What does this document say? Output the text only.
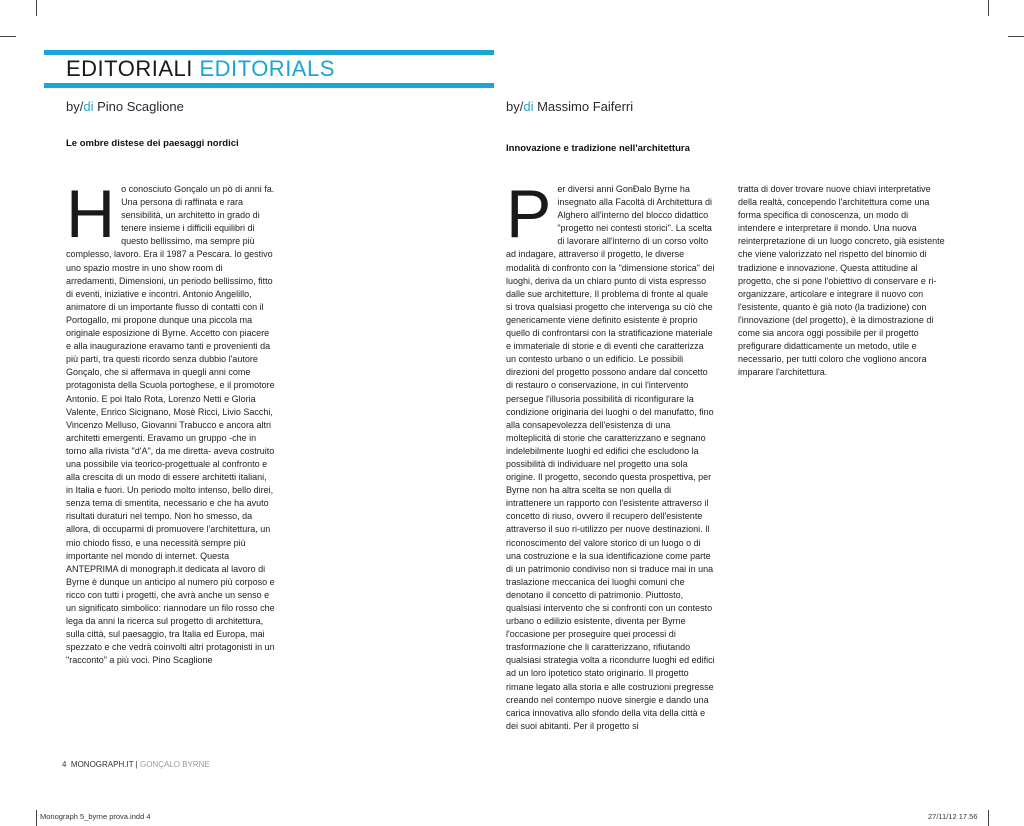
EDITORIALI EDITORIALS
by/di Pino Scaglione
Le ombre distese dei paesaggi nordici
H o conosciuto Gonçalo un pò di anni fa. Una persona di raffinata e rara sensibilità, un architetto in grado di tenere insieme i difficili equilibri di questo bellissimo, ma sempre più complesso, lavoro. Era il 1987 a Pescara. lo gestivo uno spazio mostre in uno show room di arredamenti, Dimensioni, un periodo bellissimo, fitto di eventi, iniziative e incontri. Antonio Angelillo, animatore di un importante flusso di contatti con il Portogallo, mi propone dunque una piccola ma originale esposizione di Byrne. Accetto con piacere e alla inaugurazione eravamo tanti e provenienti da più parti, tra questi ricordo senza dubbio l'autore Gonçalo, che si affermava in quegli anni come protagonista della Scuola portoghese, e il promotore Antonio. E poi Italo Rota, Lorenzo Netti e Gloria Valente, Enrico Sicignano, Mosè Ricci, Livio Sacchi, Vincenzo Melluso, Giovanni Trabucco e ancora altri architetti emergenti. Eravamo un gruppo -che in torno alla rivista "d'A", da me diretta- aveva costruito una possibile via teorico-progettuale al confronto e alla crescita di un modo di essere architetti italiani, in Italia e fuori. Un periodo molto intenso, bello direi, senza tema di smentita, necessario e che ha avuto risultati duraturi nel tempo. Non ho smesso, da allora, di occuparmi di promuovere l'architettura, un mio chiodo fisso, e una necessità sempre più importante nel mondo di internet. Questa ANTEPRIMA di monograph.it dedicata al lavoro di Byrne è dunque un anticipo al numero più corposo e ricco con tutti i progetti, che avrà anche un senso e un significato simbolico: riannodare un filo rosso che lega da anni la ricerca sul progetto di architettura, sulla città, sul paesaggio, tra Italia ed Europa, mai spezzato e che vedrà coinvolti altri protagonisti in un "racconto" a più voci. Pino Scaglione

by/di Massimo Faiferri
Innovazione e tradizione nell'architettura
P er diversi anni GonĐalo Byrne ha insegnato alla Facoltà di Architettura di Alghero all'interno del blocco didattico "progetto nei contesti storici". La scelta di lavorare all'interno di un corso volto ad indagare, attraverso il progetto, le diverse modalità di confronto con la "dimensione storica" dei luoghi, deriva da un chiaro punto di vista espresso dalle sue architetture. Il problema di fronte al quale si trova qualsiasi progetto che intervenga su ciò che genericamente viene definito esistente è proprio quello di confrontarsi con la stratificazione materiale e immateriale di storie e di eventi che caratterizza un contesto urbano o un edificio. Le possibili direzioni del progetto possono andare dal concetto di restauro o conservazione, in cui l'intervento persegue l'illusoria possibilità di riconfigurare la condizione originaria dei luoghi o del manufatto, fino alla consapevolezza dell'esistenza di una molteplicità di storie che caratterizzano e segnano indelebilmente luoghi ed edifici che escludono la possibilità di individuare nel progetto una sola origine. Il progetto, secondo questa prospettiva, per Byrne non ha altra scelta se non quella di intrattenere un rapporto con l'esistente attraverso il concetto di riuso, ovvero il recupero dell'esistente attraverso il suo ri-utilizzo per nuove destinazioni. Il riconoscimento del valore storico di un luogo o di una costruzione e la sua identificazione come parte di un patrimonio condiviso non si traduce mai in una traslazione meccanica dei luoghi comuni che denotano il concetto di patrimonio. Piuttosto, qualsiasi intervento che si confronti con un contesto urbano o edilizio esistente, diventa per Byrne l'occasione per proseguire quei processi di trasformazione che li caratterizzano, rifiutando qualsiasi strategia volta a ricondurre luoghi ed edifici ad un loro ipotetico stato originario. Il progetto rimane legato alla storia e alle costruzioni pregresse creando nel contempo nuove sinergie e dando una carica innovativa allo sfondo della vita della città e dei suoi abitanti. Per il progetto si

tratta di dover trovare nuove chiavi interpretative della realtà, concependo l'architettura come una forma specifica di conoscenza, un modo di intendere e interpretare il mondo. Una nuova reinterpretazione di un luogo concreto, già esistente che viene valorizzato nel rispetto del binomio di tradizione e innovazione. Questa attitudine al progetto, che si pone l'obiettivo di conservare e ri-organizzare, articolare e integrare il nuovo con l'esistente, quanto è già noto (la tradizione) con l'innovazione (del progetto), è la dimostrazione di come sia ancora oggi possibile per il progetto prefigurare didatticamente un metodo, utile e necessario, per tutti coloro che vogliono ancora imparare l'architettura.

4 MONOGRAPH.IT | GONÇALO BYRNE
Monograph 5_byrne prova.indd 4	27/11/12 17.56
